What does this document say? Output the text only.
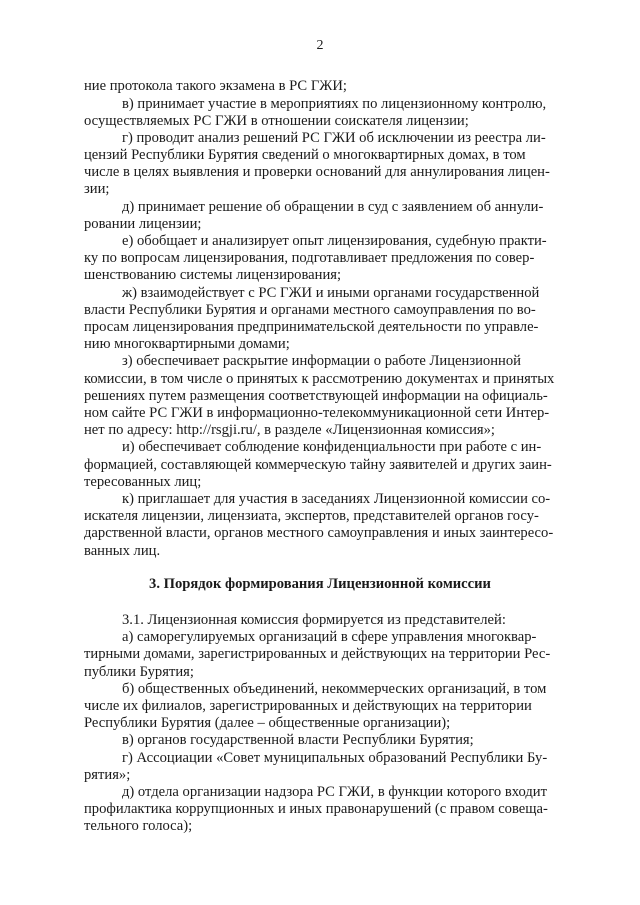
2
ние протокола такого экзамена в РС ГЖИ;
в) принимает участие в мероприятиях по лицензионному контролю,
осуществляемых РС ГЖИ в отношении соискателя лицензии;
г) проводит анализ решений РС ГЖИ об исключении из реестра ли-
цензий Республики Бурятия сведений о многоквартирных домах, в том
числе в целях выявления и проверки оснований для аннулирования лицен-
зии;
д) принимает решение об обращении в суд с заявлением об аннули-
ровании лицензии;
е) обобщает и анализирует опыт лицензирования, судебную практи-
ку по вопросам лицензирования, подготавливает предложения по совер-
шенствованию системы лицензирования;
ж) взаимодействует с РС ГЖИ и иными органами государственной
власти Республики Бурятия и органами местного самоуправления по во-
просам лицензирования предпринимательской деятельности по управле-
нию многоквартирными домами;
з) обеспечивает раскрытие информации о работе Лицензионной
комиссии, в том числе о принятых к рассмотрению документах и принятых
решениях путем размещения соответствующей информации на официаль-
ном сайте РС ГЖИ в информационно-телекоммуникационной сети Интер-
нет по адресу: http://rsgji.ru/, в разделе «Лицензионная комиссия»;
и) обеспечивает соблюдение конфиденциальности при работе с ин-
формацией, составляющей коммерческую тайну заявителей и других заин-
тересованных лиц;
к) приглашает для участия в заседаниях Лицензионной комиссии со-
искателя лицензии, лицензиата, экспертов, представителей органов госу-
дарственной власти, органов местного самоуправления и иных заинтересо-
ванных лиц.
3.1. Лицензионная комиссия формируется из представителей:
а) саморегулируемых организаций в сфере управления многоквар-
тирными домами, зарегистрированных и действующих на территории Рес-
публики Бурятия;
б) общественных объединений, некоммерческих организаций, в том
числе их филиалов, зарегистрированных и действующих на территории
Республики Бурятия (далее – общественные организации);
в) органов государственной власти Республики Бурятия;
г) Ассоциации «Совет муниципальных образований Республики Бу-
рятия»;
д) отдела организации надзора РС ГЖИ, в функции которого входит
профилактика коррупционных и иных правонарушений (с правом совеща-
тельного голоса);
3. Порядок формирования Лицензионной комиссии
